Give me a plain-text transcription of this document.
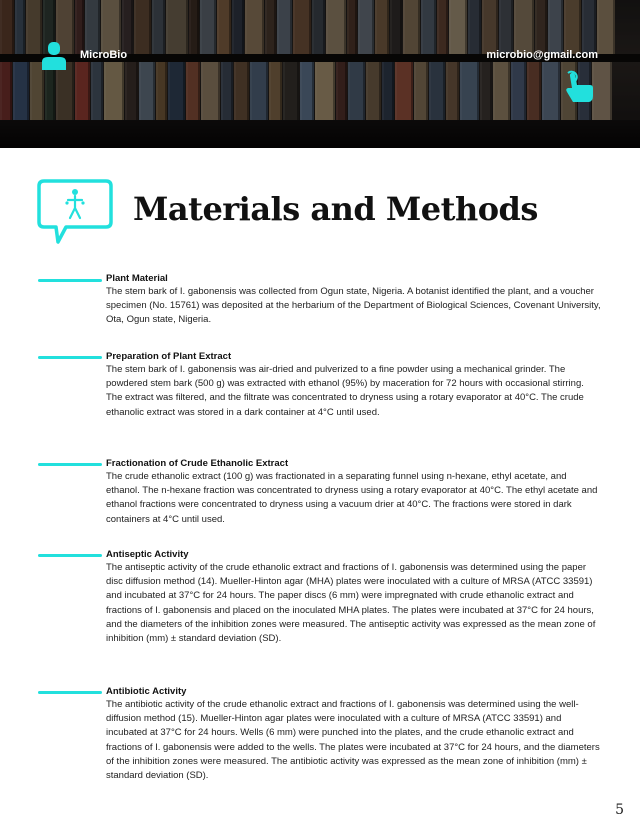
MicroBio	microbio@gmail.com
Materials and Methods

Plant Material

The stem bark of I. gabonensis was collected from Ogun state, Nigeria. A botanist identified the plant, and a voucher specimen (No. 15761) was deposited at the herbarium of the Department of Biological Sciences, Covenant University, Ota, Ogun state, Nigeria.

Preparation of Plant Extract

The stem bark of I. gabonensis was air-dried and pulverized to a fine powder using a mechanical grinder. The powdered stem bark (500 g) was extracted with ethanol (95%) by maceration for 72 hours with occasional stirring. The extract was filtered, and the filtrate was concentrated to dryness using a rotary evaporator at 40°C. The crude ethanolic extract was stored in a dark container at 4°C until used.

Fractionation of Crude Ethanolic Extract

The crude ethanolic extract (100 g) was fractionated in a separating funnel using n-hexane, ethyl acetate, and ethanol. The n-hexane fraction was concentrated to dryness using a rotary evaporator at 40°C. The ethyl acetate and ethanol fractions were concentrated to dryness using a vacuum drier at 40°C. The fractions were stored in dark containers at 4°C until used.

Antiseptic Activity

The antiseptic activity of the crude ethanolic extract and fractions of I. gabonensis was determined using the paper disc diffusion method (14). Mueller-Hinton agar (MHA) plates were inoculated with a culture of MRSA (ATCC 33591) and incubated at 37°C for 24 hours. The paper discs (6 mm) were impregnated with crude ethanolic extract and fractions of I. gabonensis and placed on the inoculated MHA plates. The plates were incubated at 37°C for 24 hours, and the diameters of the inhibition zones were measured. The antiseptic activity was expressed as the mean zone of inhibition (mm) ± standard deviation (SD).

Antibiotic Activity

The antibiotic activity of the crude ethanolic extract and fractions of I. gabonensis was determined using the well-diffusion method (15). Mueller-Hinton agar plates were inoculated with a culture of MRSA (ATCC 33591) and incubated at 37°C for 24 hours. Wells (6 mm) were punched into the plates, and the crude ethanolic extract and fractions of I. gabonensis were added to the wells. The plates were incubated at 37°C for 24 hours, and the diameters of the inhibition zones were measured. The antibiotic activity was expressed as the mean zone of inhibition (mm) ± standard deviation (SD).

5
